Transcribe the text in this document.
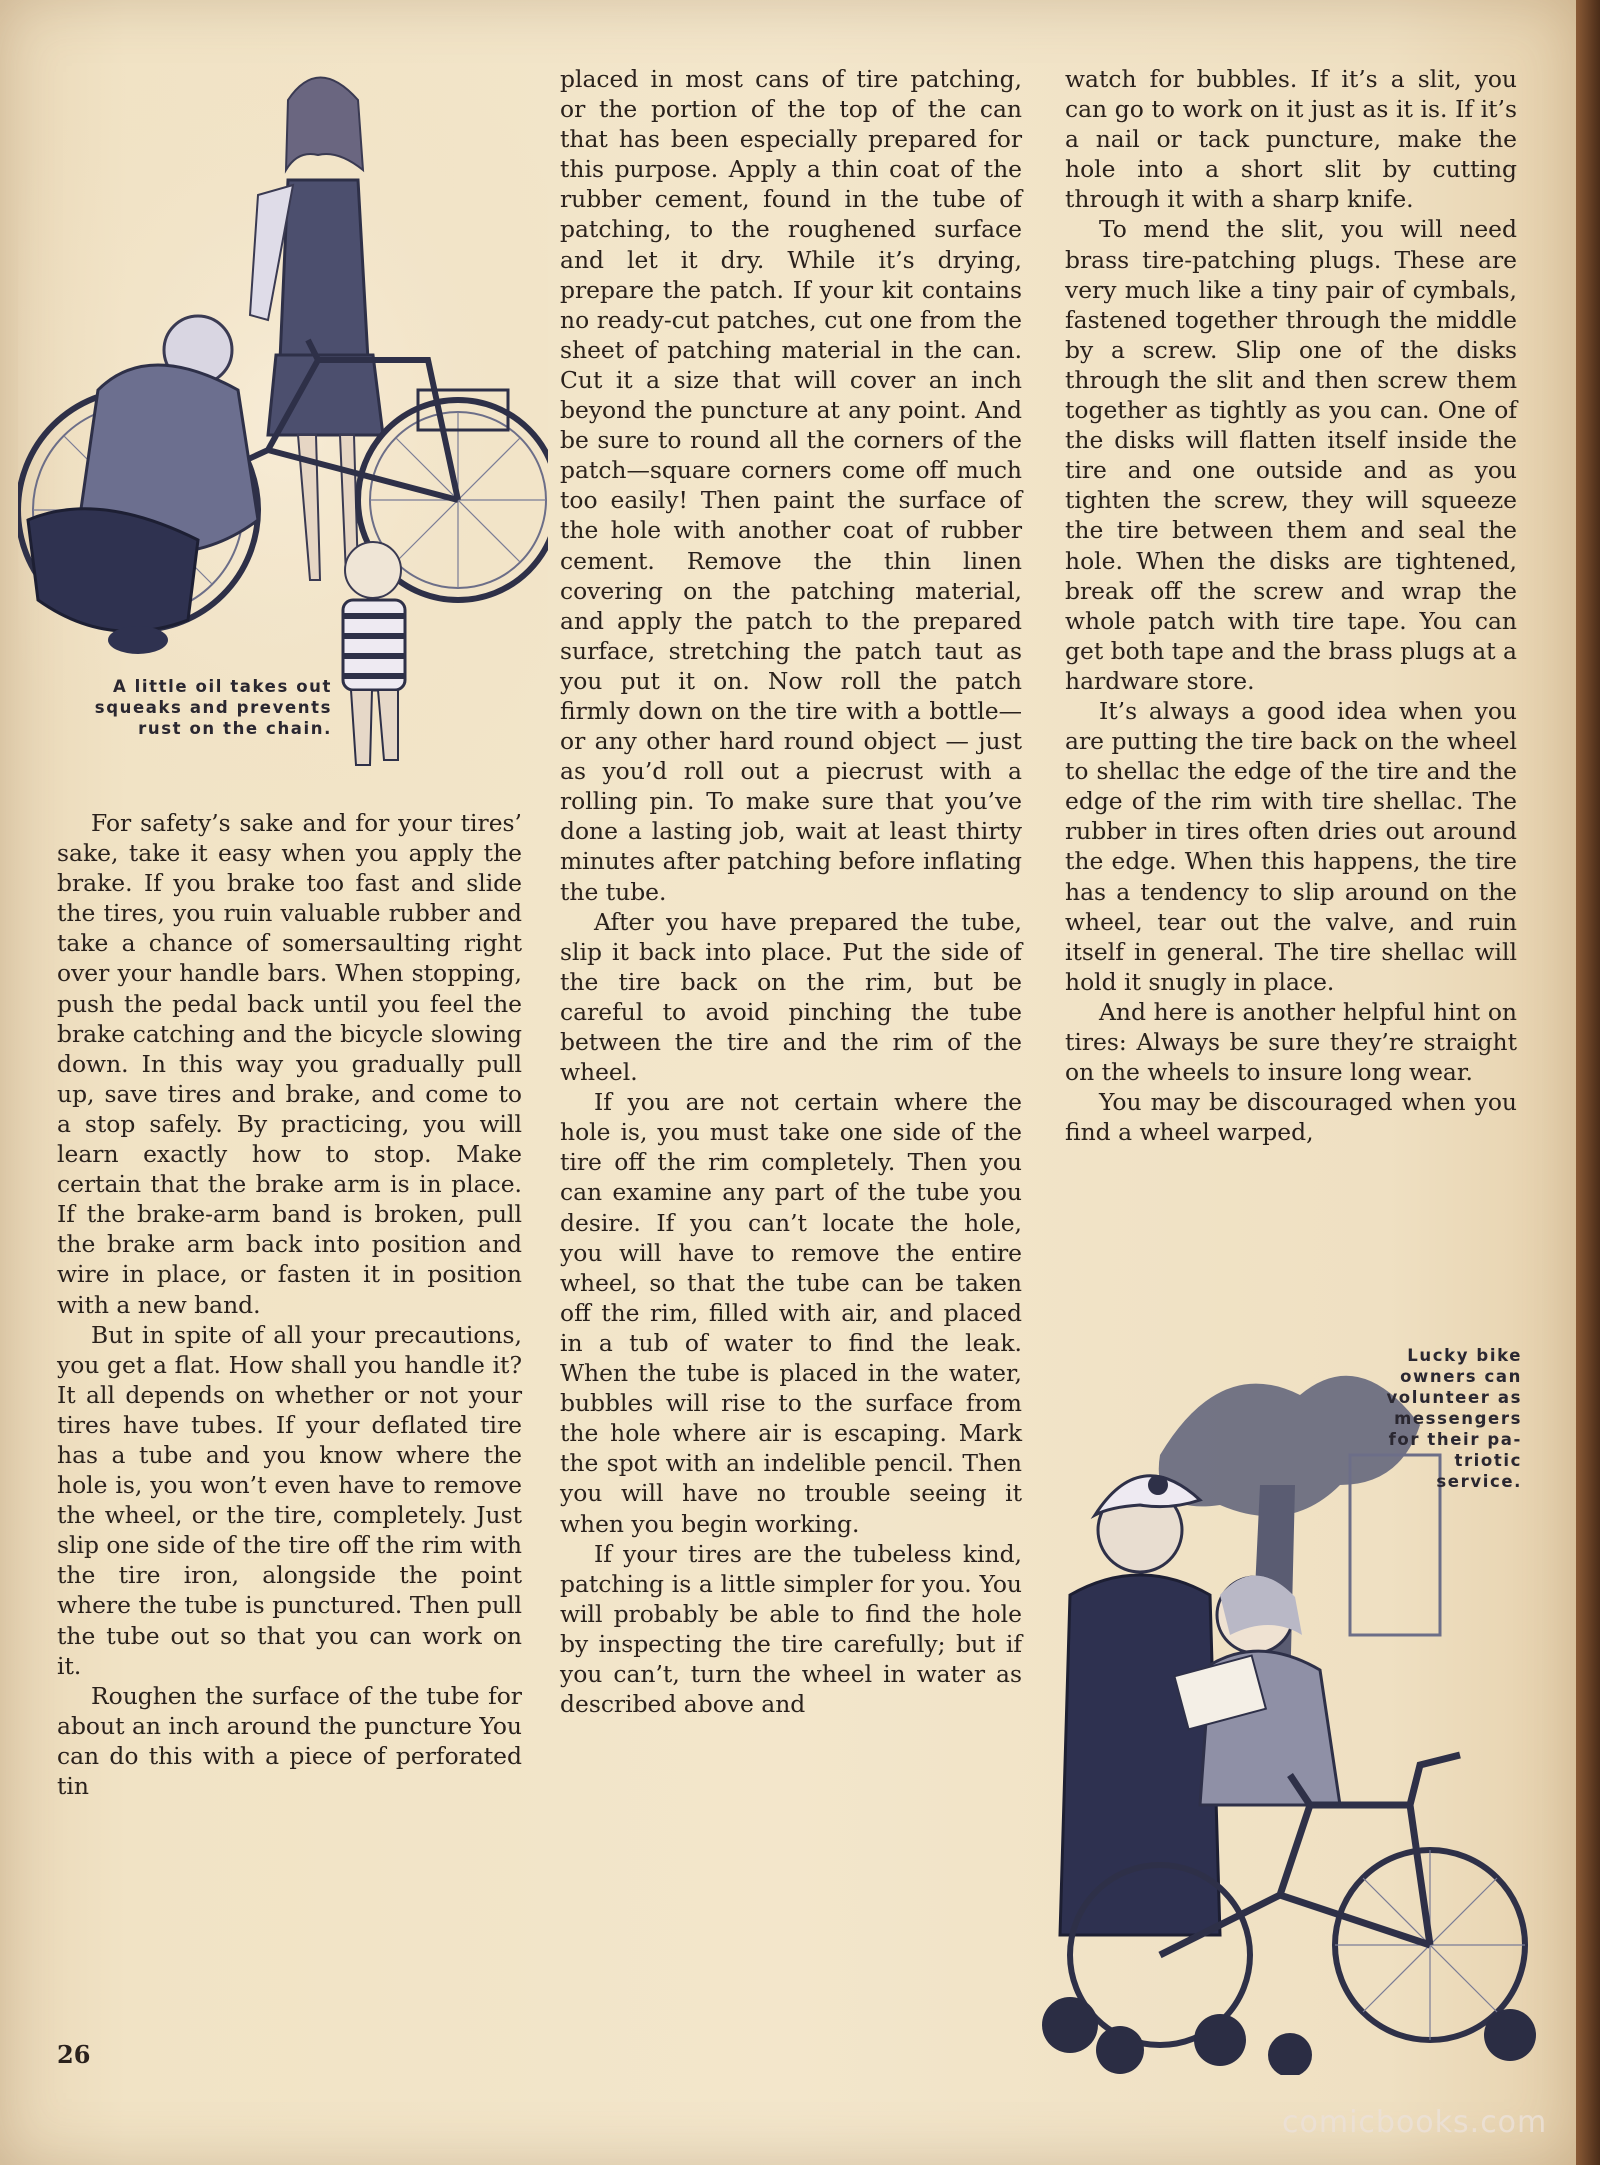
A little oil takes out
squeaks and prevents
rust on the chain.

For safety’s sake and for your tires’ sake, take it easy when you apply the brake. If you brake too fast and slide the tires, you ruin valuable rubber and take a chance of somersaulting right over your handle bars. When stopping, push the pedal back until you feel the brake catching and the bicycle slowing down. In this way you gradually pull up, save tires and brake, and come to a stop safely. By practicing, you will learn exactly how to stop. Make certain that the brake arm is in place. If the brake-arm band is broken, pull the brake arm back into position and wire in place, or fasten it in position with a new band.

But in spite of all your precautions, you get a flat. How shall you handle it? It all depends on whether or not your tires have tubes. If your deflated tire has a tube and you know where the hole is, you won’t even have to remove the wheel, or the tire, completely. Just slip one side of the tire off the rim with the tire iron, alongside the point where the tube is punctured. Then pull the tube out so that you can work on it.

Roughen the surface of the tube for about an inch around the puncture You can do this with a piece of perforated tin

placed in most cans of tire patching, or the portion of the top of the can that has been especially prepared for this purpose. Apply a thin coat of the rubber cement, found in the tube of patching, to the roughened surface and let it dry. While it’s drying, prepare the patch. If your kit contains no ready-cut patches, cut one from the sheet of patching material in the can. Cut it a size that will cover an inch beyond the puncture at any point. And be sure to round all the corners of the patch—square corners come off much too easily! Then paint the surface of the hole with another coat of rubber cement. Remove the thin linen covering on the patching material, and apply the patch to the prepared surface, stretching the patch taut as you put it on. Now roll the patch firmly down on the tire with a bottle—or any other hard round object — just as you’d roll out a piecrust with a rolling pin. To make sure that you’ve done a lasting job, wait at least thirty minutes after patching before inflating the tube.

After you have prepared the tube, slip it back into place. Put the side of the tire back on the rim, but be careful to avoid pinching the tube between the tire and the rim of the wheel.

If you are not certain where the hole is, you must take one side of the tire off the rim completely. Then you can examine any part of the tube you desire. If you can’t locate the hole, you will have to remove the entire wheel, so that the tube can be taken off the rim, filled with air, and placed in a tub of water to find the leak. When the tube is placed in the water, bubbles will rise to the surface from the hole where air is escaping. Mark the spot with an indelible pencil. Then you will have no trouble seeing it when you begin working.

If your tires are the tubeless kind, patching is a little simpler for you. You will probably be able to find the hole by inspecting the tire carefully; but if you can’t, turn the wheel in water as described above and

watch for bubbles. If it’s a slit, you can go to work on it just as it is. If it’s a nail or tack puncture, make the hole into a short slit by cutting through it with a sharp knife.

To mend the slit, you will need brass tire-patching plugs. These are very much like a tiny pair of cymbals, fastened together through the middle by a screw. Slip one of the disks through the slit and then screw them together as tightly as you can. One of the disks will flatten itself inside the tire and one outside and as you tighten the screw, they will squeeze the tire between them and seal the hole. When the disks are tightened, break off the screw and wrap the whole patch with tire tape. You can get both tape and the brass plugs at a hardware store.

It’s always a good idea when you are putting the tire back on the wheel to shellac the edge of the tire and the edge of the rim with tire shellac. The rubber in tires often dries out around the edge. When this happens, the tire has a tendency to slip around on the wheel, tear out the valve, and ruin itself in general. The tire shellac will hold it snugly in place.

And here is another helpful hint on tires: Always be sure they’re straight on the wheels to insure long wear.

You may be discouraged when you find a wheel warped,

Lucky bike
owners can
volunteer as
messengers
for their pa-
triotic service.
26
comicbooks.com
